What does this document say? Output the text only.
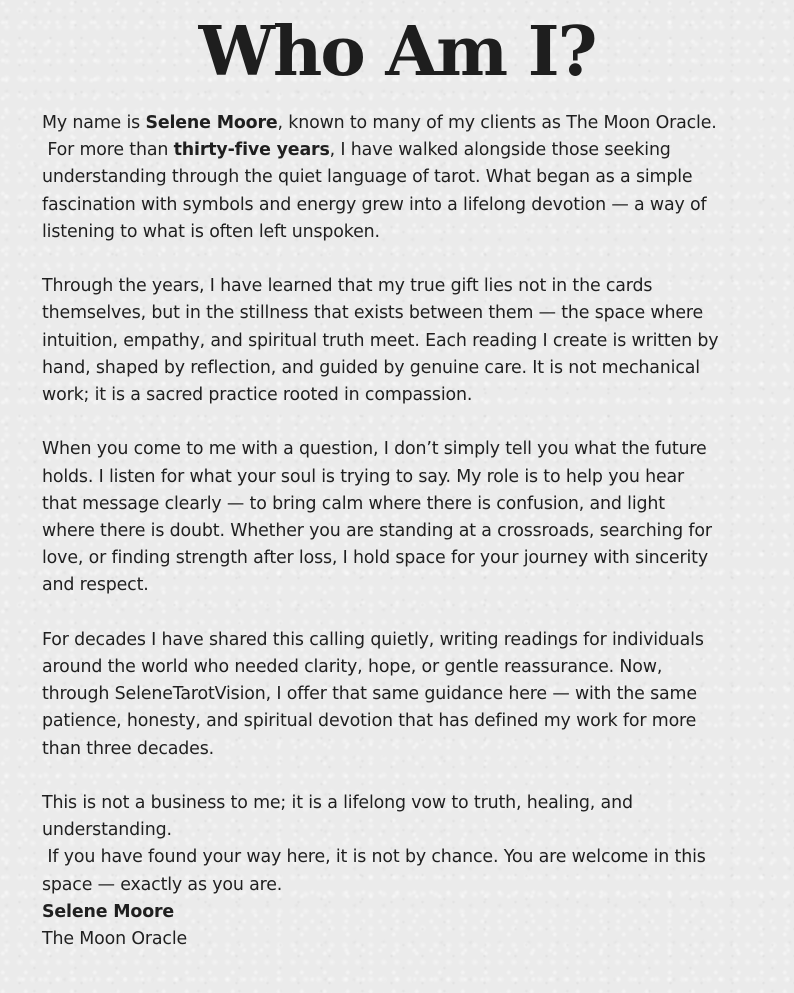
Who Am I?
My name is Selene Moore, known to many of my clients as The Moon Oracle.
For more than thirty-five years, I have walked alongside those seeking
understanding through the quiet language of tarot. What began as a simple
fascination with symbols and energy grew into a lifelong devotion — a way of
listening to what is often left unspoken.
Through the years, I have learned that my true gift lies not in the cards
themselves, but in the stillness that exists between them — the space where
intuition, empathy, and spiritual truth meet. Each reading I create is written by
hand, shaped by reflection, and guided by genuine care. It is not mechanical
work; it is a sacred practice rooted in compassion.
When you come to me with a question, I don’t simply tell you what the future
holds. I listen for what your soul is trying to say. My role is to help you hear
that message clearly — to bring calm where there is confusion, and light
where there is doubt. Whether you are standing at a crossroads, searching for
love, or finding strength after loss, I hold space for your journey with sincerity
and respect.
For decades I have shared this calling quietly, writing readings for individuals
around the world who needed clarity, hope, or gentle reassurance. Now,
through SeleneTarotVision, I offer that same guidance here — with the same
patience, honesty, and spiritual devotion that has defined my work for more
than three decades.
This is not a business to me; it is a lifelong vow to truth, healing, and
understanding.
If you have found your way here, it is not by chance. You are welcome in this
space — exactly as you are.
Selene Moore
The Moon Oracle
